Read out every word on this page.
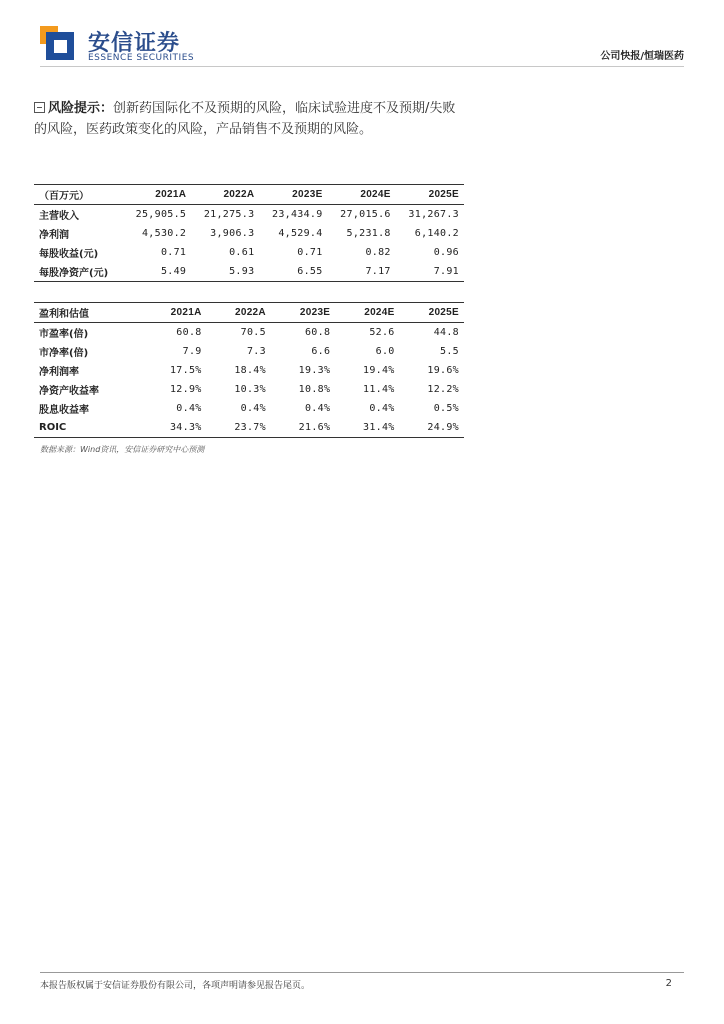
安信证券
ESSENCE SECURITIES	公司快报/恒瑞医药
风险提示：创新药国际化不及预期的风险，临床试验进度不及预期/失败的风险，医药政策变化的风险，产品销售不及预期的风险。
（百万元）	2021A	2022A	2023E	2024E	2025E
主营收入	25,905.5	21,275.3	23,434.9	27,015.6	31,267.3
净利润	4,530.2	3,906.3	4,529.4	5,231.8	6,140.2
每股收益(元)	0.71	0.61	0.71	0.82	0.96
每股净资产(元)	5.49	5.93	6.55	7.17	7.91
盈利和估值	2021A	2022A	2023E	2024E	2025E
市盈率(倍)	60.8	70.5	60.8	52.6	44.8
市净率(倍)	7.9	7.3	6.6	6.0	5.5
净利润率	17.5%	18.4%	19.3%	19.4%	19.6%
净资产收益率	12.9%	10.3%	10.8%	11.4%	12.2%
股息收益率	0.4%	0.4%	0.4%	0.4%	0.5%
ROIC	34.3%	23.7%	21.6%	31.4%	24.9%
数据来源：Wind资讯，安信证券研究中心预测
本报告版权属于安信证券股份有限公司，各项声明请参见报告尾页。	2
